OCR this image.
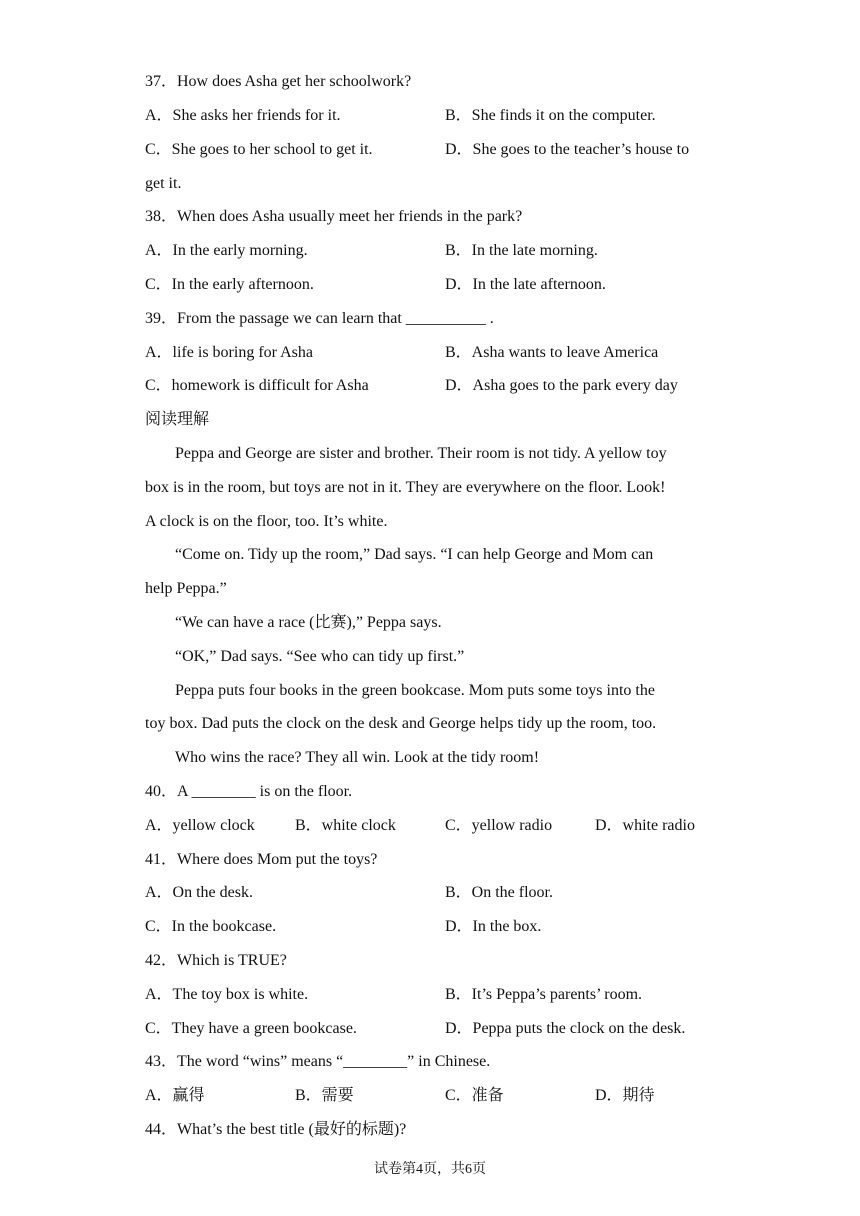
37．How does Asha get her schoolwork?
A．She asks her friends for it.	B．She finds it on the computer.
C．She goes to her school to get it.	D．She goes to the teacher’s house to
get it.
38．When does Asha usually meet her friends in the park?
A．In the early morning.	B．In the late morning.
C．In the early afternoon.	D．In the late afternoon.
39．From the passage we can learn that __________ .
A．life is boring for Asha	B．Asha wants to leave America
C．homework is difficult for Asha	D．Asha goes to the park every day
阅读理解
Peppa and George are sister and brother. Their room is not tidy. A yellow toy
box is in the room, but toys are not in it. They are everywhere on the floor. Look!
A clock is on the floor, too. It’s white.
“Come on. Tidy up the room,” Dad says. “I can help George and Mom can
help Peppa.”
“We can have a race (比赛),” Peppa says.
“OK,” Dad says. “See who can tidy up first.”
Peppa puts four books in the green bookcase. Mom puts some toys into the
toy box. Dad puts the clock on the desk and George helps tidy up the room, too.
Who wins the race? They all win. Look at the tidy room!
40．A ________ is on the floor.
A．yellow clock	B．white clock	C．yellow radio	D．white radio
41．Where does Mom put the toys?
A．On the desk.	B．On the floor.
C．In the bookcase.	D．In the box.
42．Which is TRUE?
A．The toy box is white.	B．It’s Peppa’s parents’ room.
C．They have a green bookcase.	D．Peppa puts the clock on the desk.
43．The word “wins” means “________” in Chinese.
A．赢得	B．需要	C．准备	D．期待
44．What’s the best title (最好的标题)?
试卷第4页，共6页
